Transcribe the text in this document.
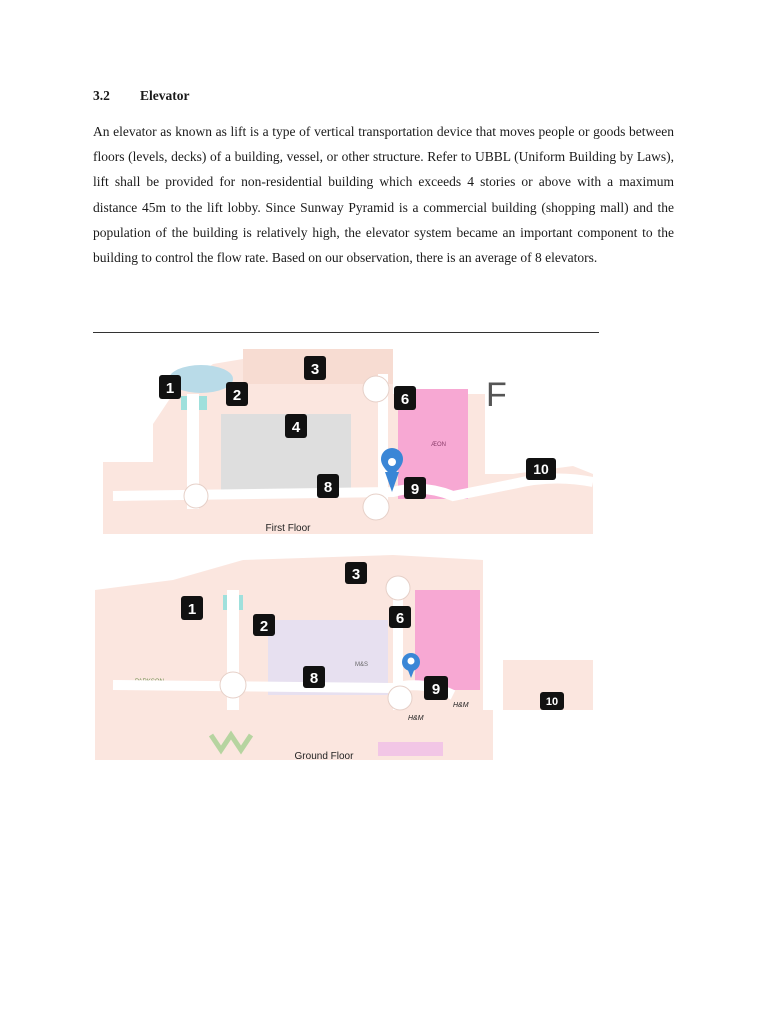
3.2 Elevator
An elevator as known as lift is a type of vertical transportation device that moves people or goods between floors (levels, decks) of a building, vessel, or other structure. Refer to UBBL (Uniform Building by Laws), lift shall be provided for non-residential building which exceeds 4 stories or above with a maximum distance 45m to the lift lobby. Since Sunway Pyramid is a commercial building (shopping mall) and the population of the building is relatively high, the elevator system became an important component to the building to control the flow rate. Based on our observation, there is an average of 8 elevators.
ÆON
F
1	2
3
4
6
8	9
10
First Floor
M&S
PARKSON
H&M
H&M
1
2
3
6
8
9
10
Ground Floor
